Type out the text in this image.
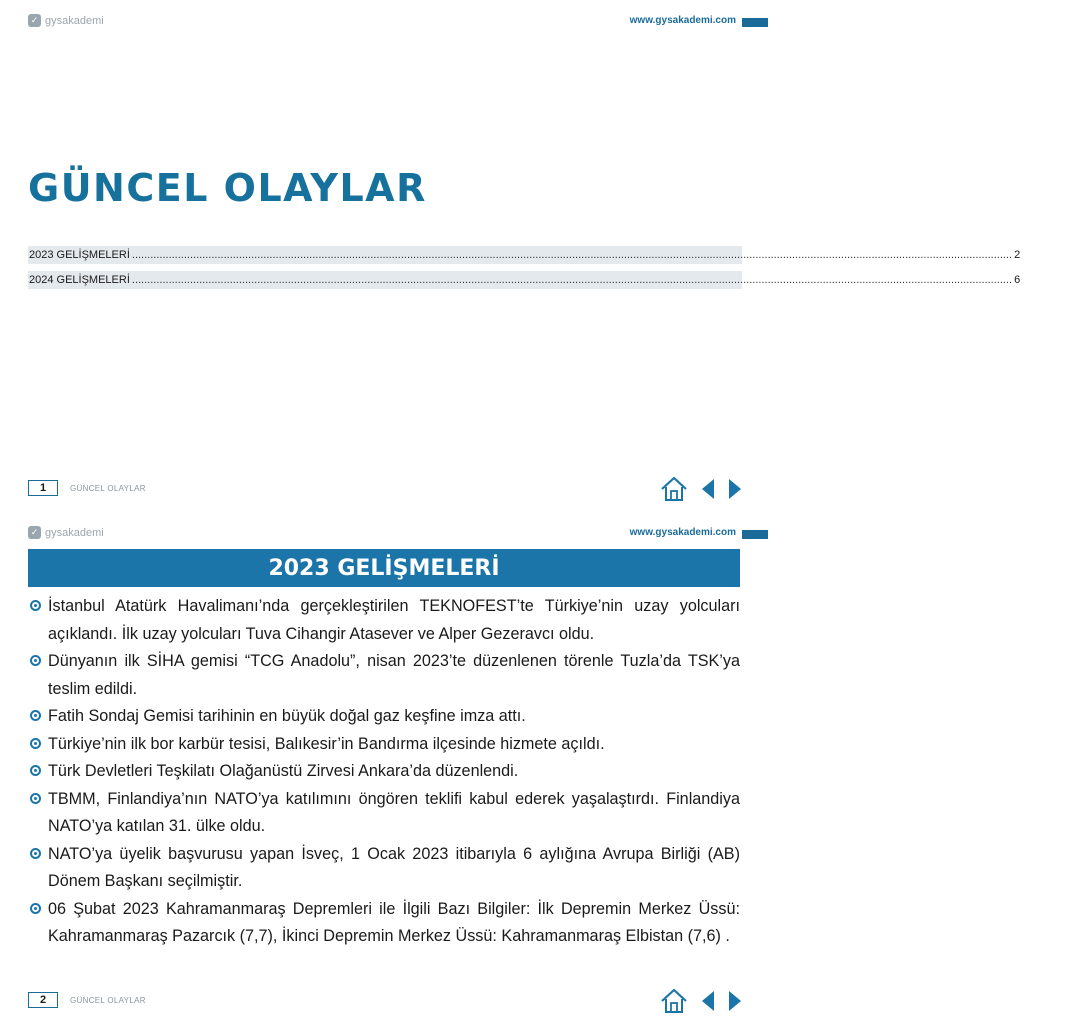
✓ gysakademi	www.gysakademi.com
GÜNCEL OLAYLAR
2023 GELİŞMELERİ ................................................................................................................................................................................................................................................................................................ 2
2024 GELİŞMELERİ ................................................................................................................................................................................................................................................................................................ 6
1	GÜNCEL OLAYLAR
✓ gysakademi	www.gysakademi.com
2	GÜNCEL OLAYLAR
2023 GELİŞMELERİ
İstanbul Atatürk Havalimanı’nda gerçekleştirilen TEKNOFEST’te Türkiye’nin uzay yolcuları açıklandı. İlk uzay yolcuları Tuva Cihangir Atasever ve Alper Gezeravcı oldu.
Dünyanın ilk SİHA gemisi “TCG Anadolu”, nisan 2023’te düzenlenen törenle Tuzla’da TSK’ya teslim edildi.
Fatih Sondaj Gemisi tarihinin en büyük doğal gaz keşfine imza attı.
Türkiye’nin ilk bor karbür tesisi, Balıkesir’in Bandırma ilçesinde hizmete açıldı.
Türk Devletleri Teşkilatı Olağanüstü Zirvesi Ankara’da düzenlendi.
TBMM, Finlandiya’nın NATO’ya katılımını öngören teklifi kabul ederek yaşalaştırdı. Finlandiya NATO’ya katılan 31. ülke oldu.
NATO’ya üyelik başvurusu yapan İsveç, 1 Ocak 2023 itibarıyla 6 aylığına Avrupa Birliği (AB) Dönem Başkanı seçilmiştir.
06 Şubat 2023 Kahramanmaraş Depremleri ile İlgili Bazı Bilgiler: İlk Depremin Merkez Üssü: Kahramanmaraş Pazarcık (7,7), İkinci Depremin Merkez Üssü: Kahramanmaraş Elbistan (7,6) .
